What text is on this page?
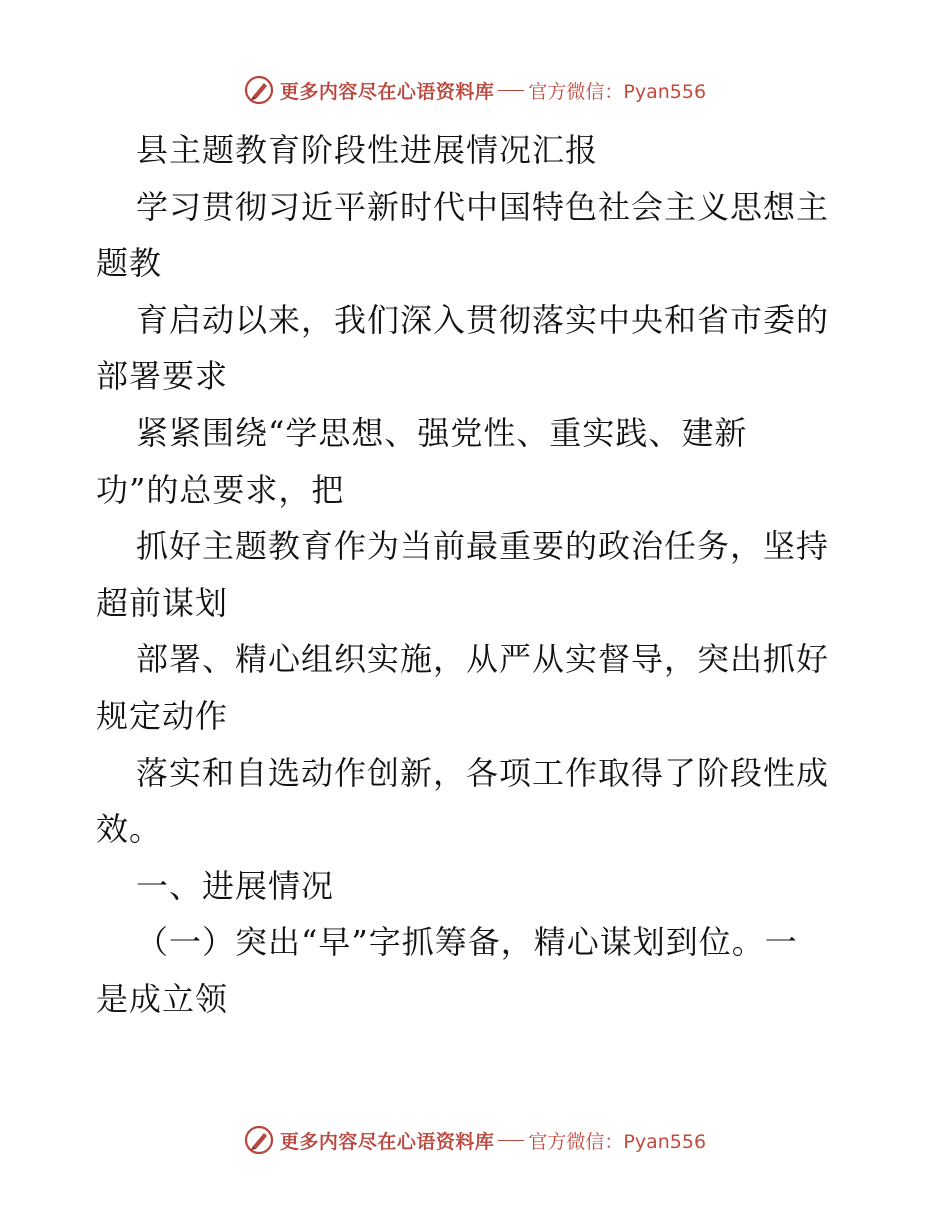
更多内容尽在心语资料库 官方微信：Pyan556
县主题教育阶段性进展情况汇报
学习贯彻习近平新时代中国特色社会主义思想主
题教
育启动以来，我们深入贯彻落实中央和省市委的
部署要求
紧紧围绕“学思想、强党性、重实践、建新
功”的总要求，把
抓好主题教育作为当前最重要的政治任务，坚持
超前谋划
部署、精心组织实施，从严从实督导，突出抓好
规定动作
落实和自选动作创新，各项工作取得了阶段性成
效。
一、进展情况
（一）突出“早”字抓筹备，精心谋划到位。一
是成立领
更多内容尽在心语资料库 官方微信：Pyan556
